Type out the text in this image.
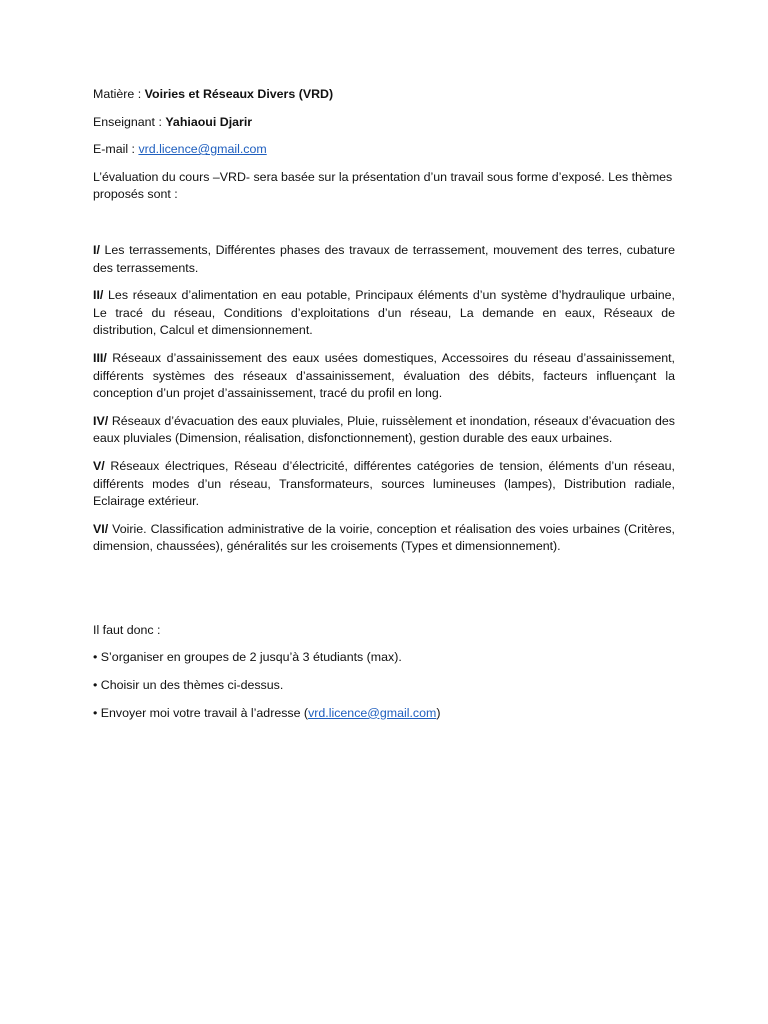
Matière : Voiries et Réseaux Divers (VRD)

Enseignant : Yahiaoui Djarir

E-mail : vrd.licence@gmail.com

L’évaluation du cours –VRD- sera basée sur la présentation d’un travail sous forme d’exposé. Les thèmes proposés sont :

I/ Les terrassements, Différentes phases des travaux de terrassement, mouvement des terres, cubature des terrassements.

II/ Les réseaux d’alimentation en eau potable, Principaux éléments d’un système d’hydraulique urbaine, Le tracé du réseau, Conditions d’exploitations d’un réseau, La demande en eaux, Réseaux de distribution, Calcul et dimensionnement.

III/ Réseaux d’assainissement des eaux usées domestiques, Accessoires du réseau d’assainissement, différents systèmes des réseaux d’assainissement, évaluation des débits, facteurs influençant la conception d’un projet d’assainissement, tracé du profil en long.

IV/ Réseaux d’évacuation des eaux pluviales, Pluie, ruissèlement et inondation, réseaux d’évacuation des eaux pluviales (Dimension, réalisation, disfonctionnement), gestion durable des eaux urbaines.

V/ Réseaux électriques, Réseau d’électricité, différentes catégories de tension, éléments d’un réseau, différents modes d’un réseau, Transformateurs, sources lumineuses (lampes), Distribution radiale, Eclairage extérieur.

VI/ Voirie. Classification administrative de la voirie, conception et réalisation des voies urbaines (Critères, dimension, chaussées), généralités sur les croisements (Types et dimensionnement).

Il faut donc :

• S’organiser en groupes de 2 jusqu’à 3 étudiants (max).

• Choisir un des thèmes ci-dessus.

• Envoyer moi votre travail à l’adresse (vrd.licence@gmail.com)
